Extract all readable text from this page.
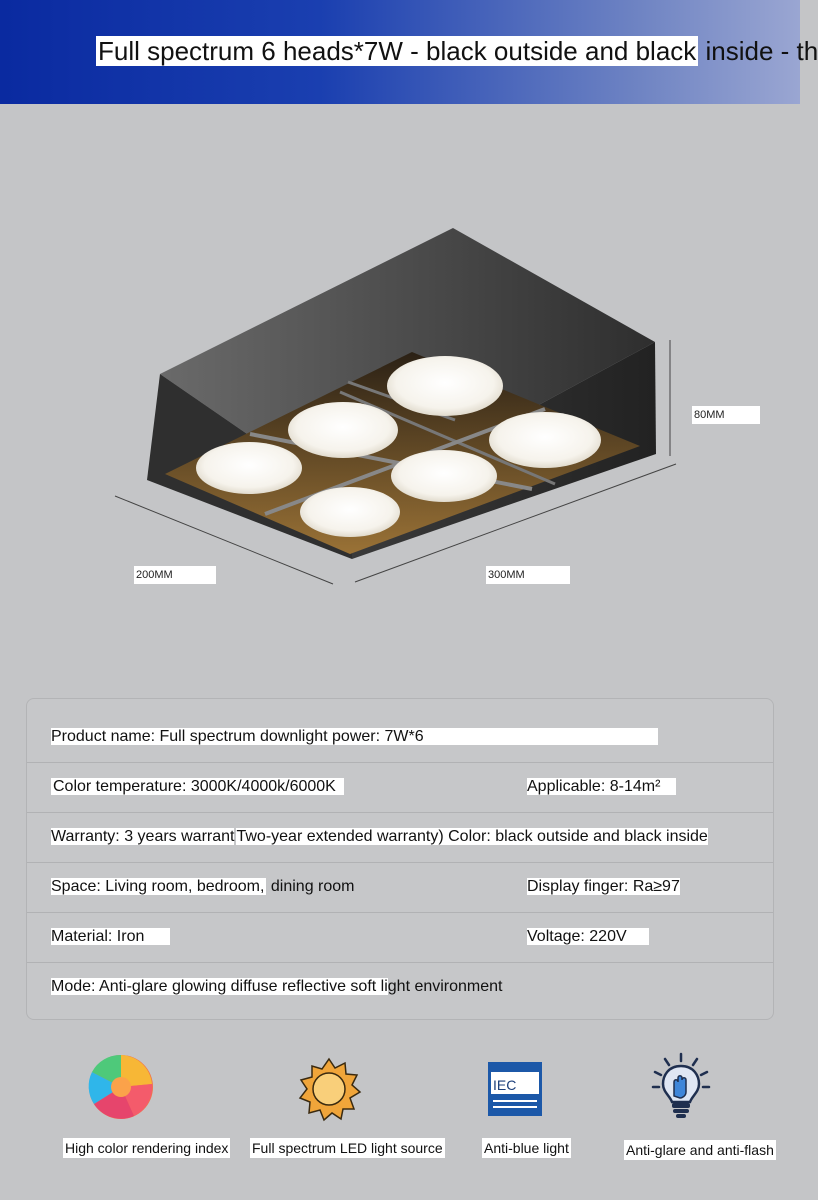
Full spectrum 6 heads*7W - black outside and black inside - th
80MM
200MM	300MM
Product name: Full spectrum downlight power: 7W*6
Color temperature: 3000K/4000k/6000K	Applicable: 8-14m²
Warranty: 3 years warrant Two-year extended warranty) Color: black outside and black inside
Space: Living room, bedroom, dining room	Display finger: Ra≥97
Material: Iron	Voltage: 220V
Mode: Anti-glare glowing diffuse reflective soft light environment
High color rendering index Full spectrum LED light source
IEC
Anti-blue light	Anti-glare and anti-flash
